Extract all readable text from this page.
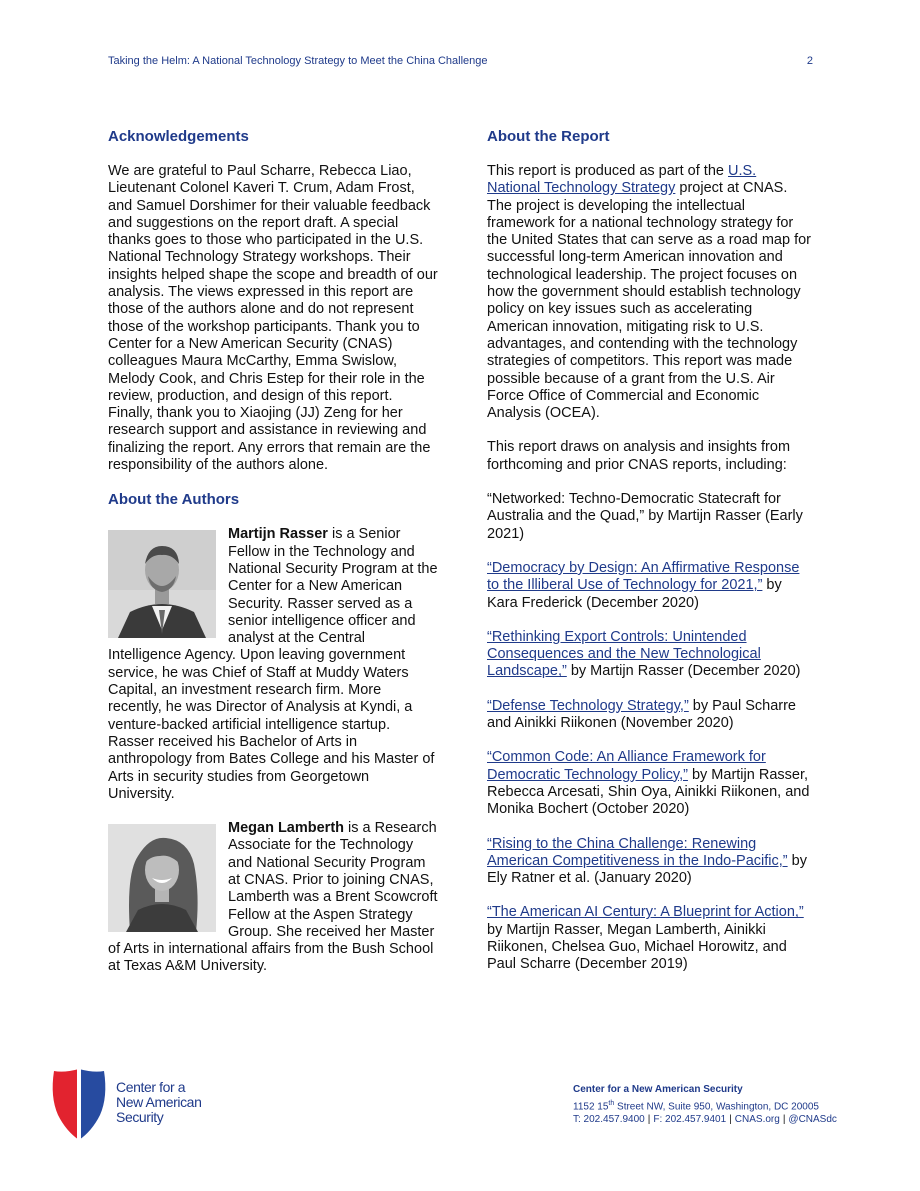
Taking the Helm: A National Technology Strategy to Meet the China Challenge	2
Acknowledgements

We are grateful to Paul Scharre, Rebecca Liao, Lieutenant Colonel Kaveri T. Crum, Adam Frost, and Samuel Dorshimer for their valuable feedback and suggestions on the report draft. A special thanks goes to those who participated in the U.S. National Technology Strategy workshops. Their insights helped shape the scope and breadth of our analysis. The views expressed in this report are those of the authors alone and do not represent those of the workshop participants. Thank you to Center for a New American Security (CNAS) colleagues Maura McCarthy, Emma Swislow, Melody Cook, and Chris Estep for their role in the review, production, and design of this report. Finally, thank you to Xiaojing (JJ) Zeng for her research support and assistance in reviewing and finalizing the report. Any errors that remain are the responsibility of the authors alone.

About the Authors
Martijn Rasser is a Senior Fellow in the Technology and National Security Program at the Center for a New American Security. Rasser served as a senior intelligence officer and analyst at the Central Intelligence Agency. Upon leaving government service, he was Chief of Staff at Muddy Waters Capital, an investment research firm. More recently, he was Director of Analysis at Kyndi, a venture-backed artificial intelligence startup. Rasser received his Bachelor of Arts in anthropology from Bates College and his Master of Arts in security studies from Georgetown University.
Megan Lamberth is a Research Associate for the Technology and National Security Program at CNAS. Prior to joining CNAS, Lamberth was a Brent Scowcroft Fellow at the Aspen Strategy Group. She received her Master of Arts in international affairs from the Bush School at Texas A&M University.
About the Report

This report is produced as part of the U.S. National Technology Strategy project at CNAS. The project is developing the intellectual framework for a national technology strategy for the United States that can serve as a road map for successful long-term American innovation and technological leadership. The project focuses on how the government should establish technology policy on key issues such as accelerating American innovation, mitigating risk to U.S. advantages, and contending with the technology strategies of competitors. This report was made possible because of a grant from the U.S. Air Force Office of Commercial and Economic Analysis (OCEA).

This report draws on analysis and insights from forthcoming and prior CNAS reports, including:

“Networked: Techno-Democratic Statecraft for Australia and the Quad,” by Martijn Rasser (Early 2021)

“Democracy by Design: An Affirmative Response to the Illiberal Use of Technology for 2021,” by Kara Frederick (December 2020)

“Rethinking Export Controls: Unintended Consequences and the New Technological Landscape,” by Martijn Rasser (December 2020)

“Defense Technology Strategy,” by Paul Scharre and Ainikki Riikonen (November 2020)

“Common Code: An Alliance Framework for Democratic Technology Policy,” by Martijn Rasser, Rebecca Arcesati, Shin Oya, Ainikki Riikonen, and Monika Bochert (October 2020)

“Rising to the China Challenge: Renewing American Competitiveness in the Indo-Pacific,” by Ely Ratner et al. (January 2020)

“The American AI Century: A Blueprint for Action,” by Martijn Rasser, Megan Lamberth, Ainikki Riikonen, Chelsea Guo, Michael Horowitz, and Paul Scharre (December 2019)

Center for a
New American
Security
Center for a New American Security
1152 15th Street NW, Suite 950, Washington, DC 20005
T: 202.457.9400 | F: 202.457.9401 | CNAS.org | @CNASdc
